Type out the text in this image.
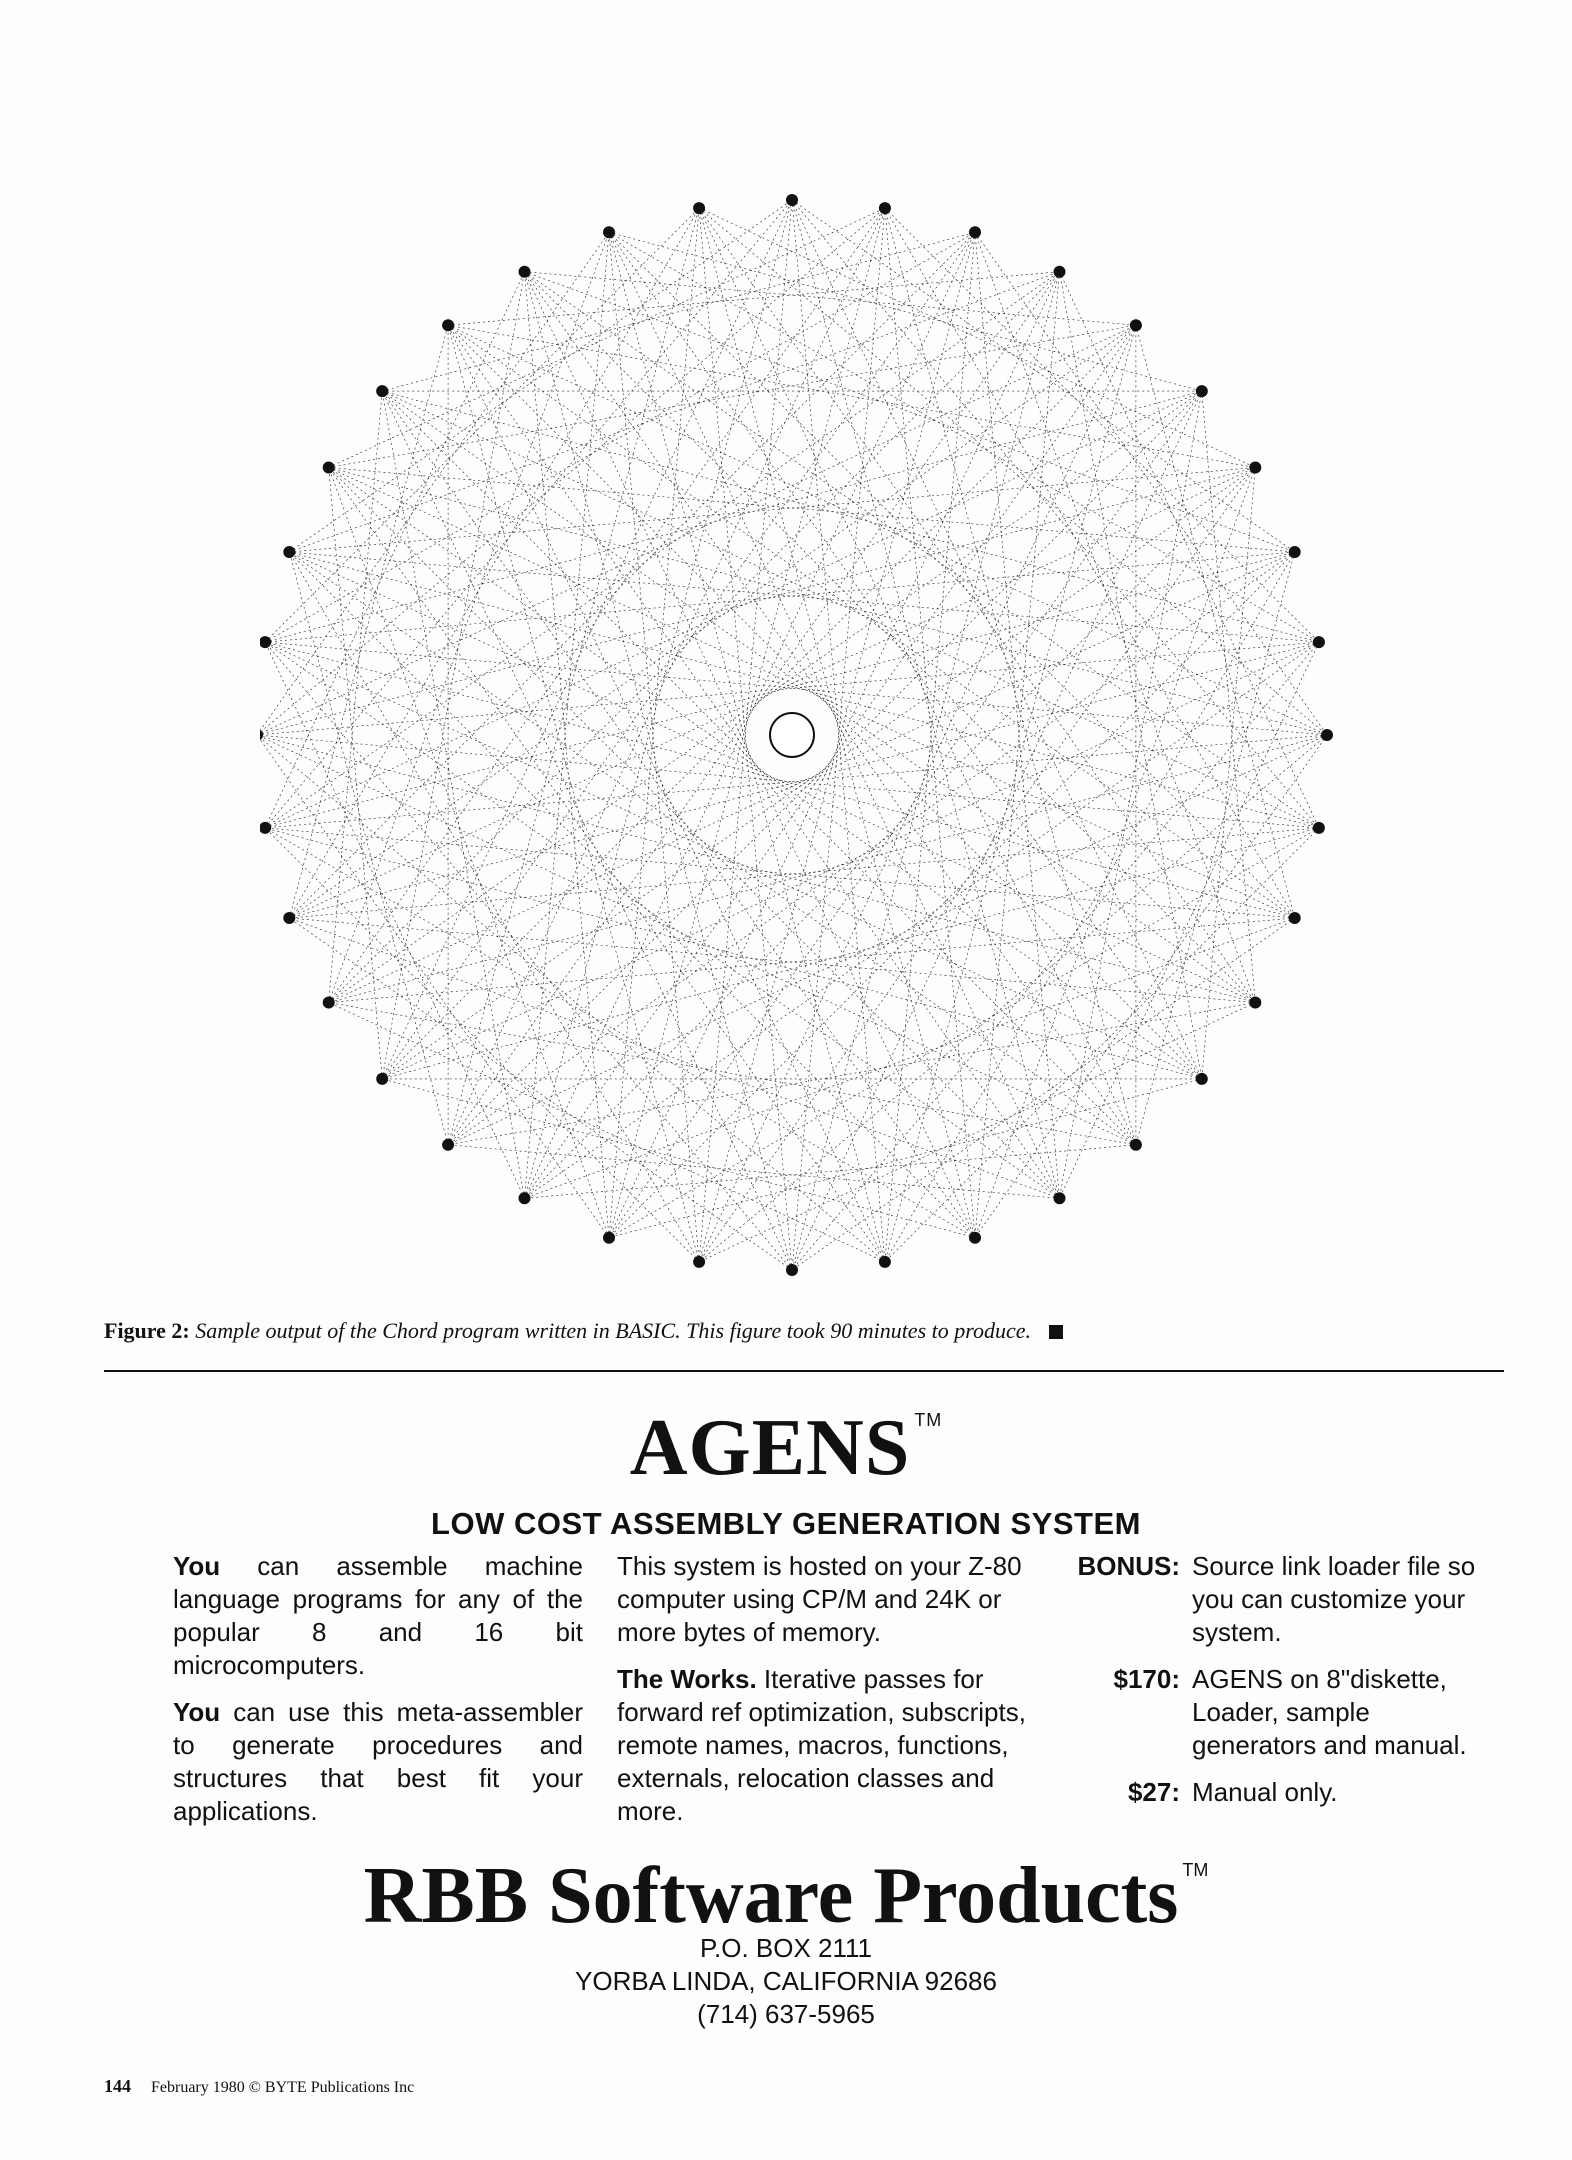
Figure 2: Sample output of the Chord program written in BASIC. This figure took 90 minutes to produce.
AGENS ™
LOW COST ASSEMBLY GENERATION SYSTEM

You can assemble machine language programs for any of the popular 8 and 16 bit microcomputers.

You can use this meta-assembler to generate procedures and structures that best fit your applications.

This system is hosted on your Z-80 computer using CP/M and 24K or more bytes of memory.

The Works. Iterative passes for forward ref optimization, subscripts, remote names, macros, functions, externals, relocation classes and more.

BONUS: Source link loader file so you can customize your system.
$170: AGENS on 8"diskette, Loader, sample generators and manual.
$27: Manual only.
RBB Software Products ™
P.O. BOX 2111
YORBA LINDA, CALIFORNIA 92686
(714) 637-5965
144 February 1980 © BYTE Publications Inc
